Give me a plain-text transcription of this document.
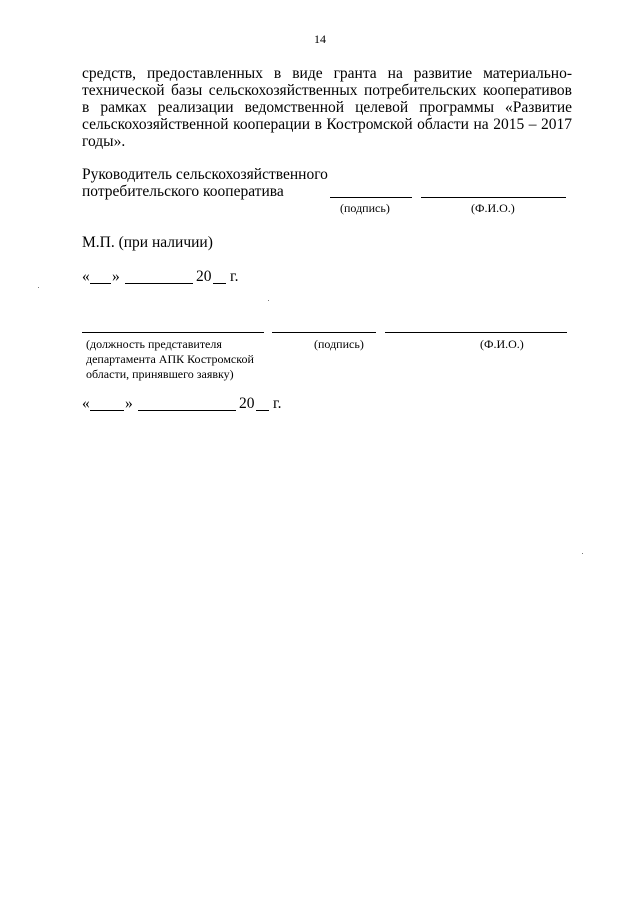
14
средств, предоставленных в виде гранта на развитие материально-технической базы сельскохозяйственных потребительских кооперативов в рамках реализации ведомственной целевой программы «Развитие сельскохозяйственной кооперации в Костромской области на 2015 – 2017 годы».
Руководитель сельскохозяйственного
потребительского кооператива
(подпись)	(Ф.И.О.)
М.П. (при наличии)
« »	20 г.
(должность представителя
департамента АПК Костромской
области, принявшего заявку)
(подпись)	(Ф.И.О.)
« »	20 г.
